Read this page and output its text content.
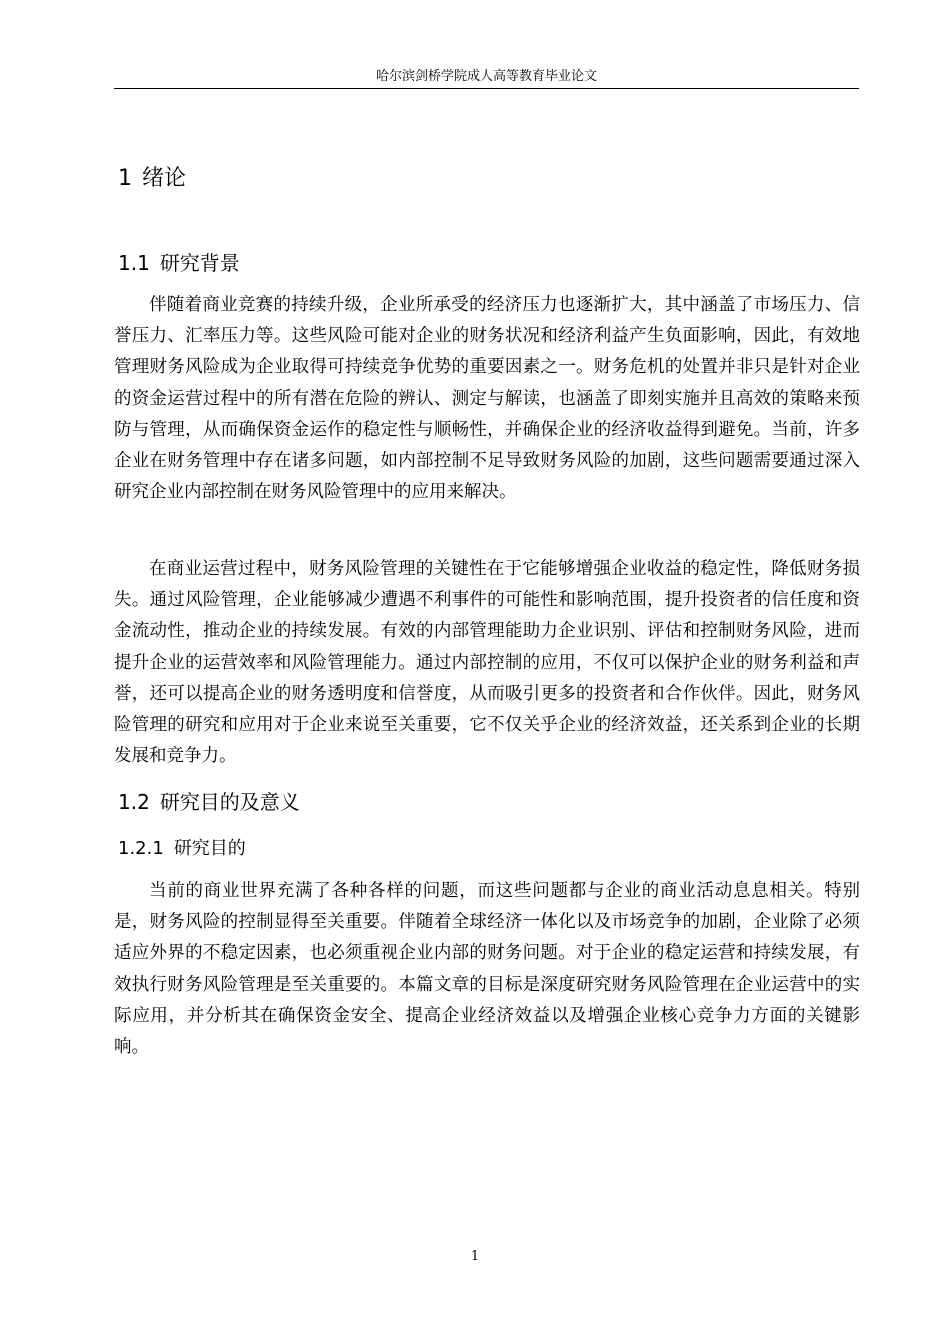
哈尔滨剑桥学院成人高等教育毕业论文
1 绪论
1.1 研究背景

伴随着商业竞赛的持续升级，企业所承受的经济压力也逐渐扩大，其中涵盖了市场压力、信誉压力、汇率压力等。这些风险可能对企业的财务状况和经济利益产生负面影响，因此，有效地管理财务风险成为企业取得可持续竞争优势的重要因素之一。财务危机的处置并非只是针对企业的资金运营过程中的所有潜在危险的辨认、测定与解读，也涵盖了即刻实施并且高效的策略来预防与管理，从而确保资金运作的稳定性与顺畅性，并确保企业的经济收益得到避免。当前，许多企业在财务管理中存在诸多问题，如内部控制不足导致财务风险的加剧，这些问题需要通过深入研究企业内部控制在财务风险管理中的应用来解决。

在商业运营过程中，财务风险管理的关键性在于它能够增强企业收益的稳定性，降低财务损失。通过风险管理，企业能够减少遭遇不利事件的可能性和影响范围，提升投资者的信任度和资金流动性，推动企业的持续发展。有效的内部管理能助力企业识别、评估和控制财务风险，进而提升企业的运营效率和风险管理能力。通过内部控制的应用，不仅可以保护企业的财务利益和声誉，还可以提高企业的财务透明度和信誉度，从而吸引更多的投资者和合作伙伴。因此，财务风险管理的研究和应用对于企业来说至关重要，它不仅关乎企业的经济效益，还关系到企业的长期发展和竞争力。

1.2 研究目的及意义
1.2.1 研究目的

当前的商业世界充满了各种各样的问题，而这些问题都与企业的商业活动息息相关。特别是，财务风险的控制显得至关重要。伴随着全球经济一体化以及市场竞争的加剧，企业除了必须适应外界的不稳定因素，也必须重视企业内部的财务问题。对于企业的稳定运营和持续发展，有效执行财务风险管理是至关重要的。本篇文章的目标是深度研究财务风险管理在企业运营中的实际应用，并分析其在确保资金安全、提高企业经济效益以及增强企业核心竞争力方面的关键影响。

1
